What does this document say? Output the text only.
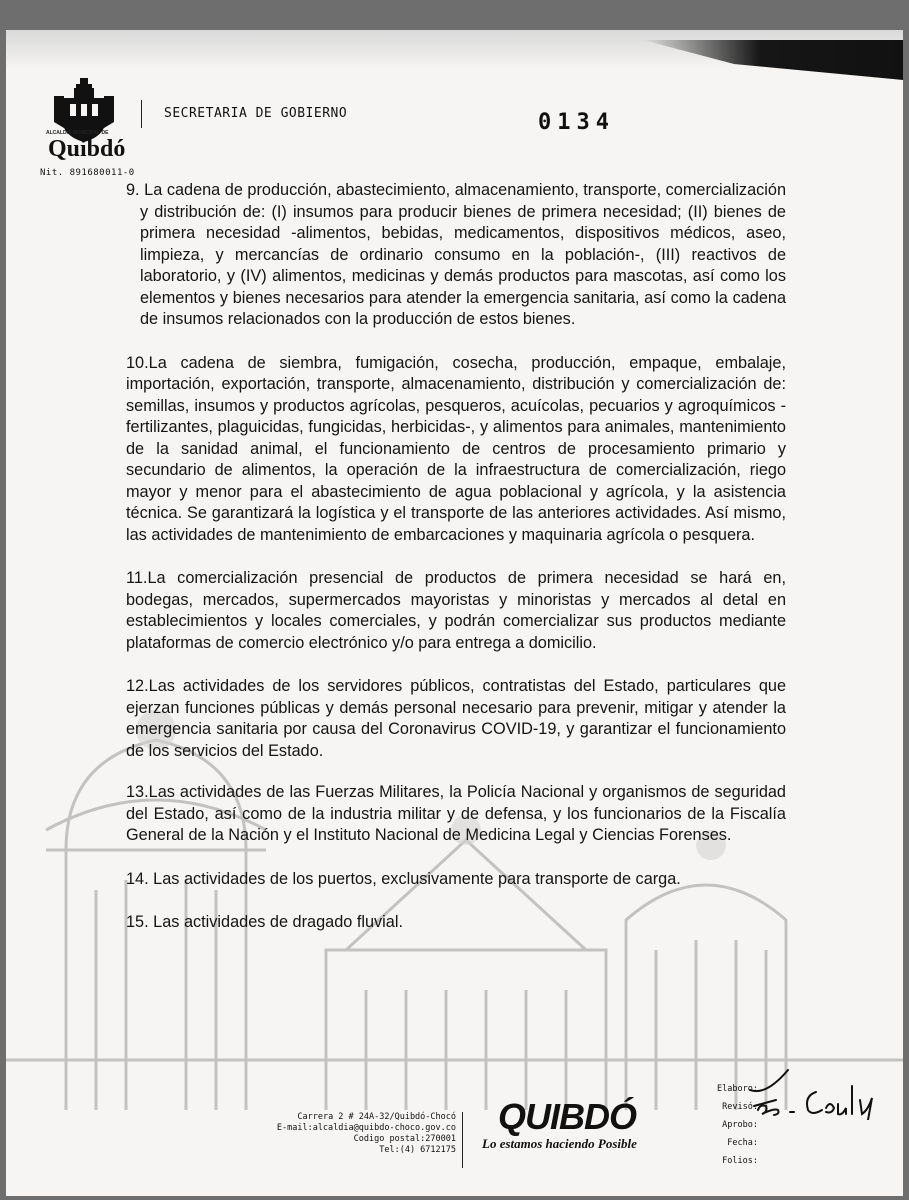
ALCALDÍA MUNICIPAL DE
Quibdó
Nit. 891680011-0
SECRETARIA DE GOBIERNO	0134

9. La cadena de producción, abastecimiento, almacenamiento, transporte, comercialización y distribución de: (I) insumos para producir bienes de primera necesidad; (II) bienes de primera necesidad -alimentos, bebidas, medicamentos, dispositivos médicos, aseo, limpieza, y mercancías de ordinario consumo en la población-, (III) reactivos de laboratorio, y (IV) alimentos, medicinas y demás productos para mascotas, así como los elementos y bienes necesarios para atender la emergencia sanitaria, así como la cadena de insumos relacionados con la producción de estos bienes.

10.La cadena de siembra, fumigación, cosecha, producción, empaque, embalaje, importación, exportación, transporte, almacenamiento, distribución y comercialización de: semillas, insumos y productos agrícolas, pesqueros, acuícolas, pecuarios y agroquímicos -fertilizantes, plaguicidas, fungicidas, herbicidas-, y alimentos para animales, mantenimiento de la sanidad animal, el funcionamiento de centros de procesamiento primario y secundario de alimentos, la operación de la infraestructura de comercialización, riego mayor y menor para el abastecimiento de agua poblacional y agrícola, y la asistencia técnica. Se garantizará la logística y el transporte de las anteriores actividades. Así mismo, las actividades de mantenimiento de embarcaciones y maquinaria agrícola o pesquera.

11.La comercialización presencial de productos de primera necesidad se hará en, bodegas, mercados, supermercados mayoristas y minoristas y mercados al detal en establecimientos y locales comerciales, y podrán comercializar sus productos mediante plataformas de comercio electrónico y/o para entrega a domicilio.

12.Las actividades de los servidores públicos, contratistas del Estado, particulares que ejerzan funciones públicas y demás personal necesario para prevenir, mitigar y atender la emergencia sanitaria por causa del Coronavirus COVID-19, y garantizar el funcionamiento de los servicios del Estado.

13.Las actividades de las Fuerzas Militares, la Policía Nacional y organismos de seguridad del Estado, así como de la industria militar y de defensa, y los funcionarios de la Fiscalía General de la Nación y el Instituto Nacional de Medicina Legal y Ciencias Forenses.

14. Las actividades de los puertos, exclusivamente para transporte de carga.

15. Las actividades de dragado fluvial.

Carrera 2 # 24A-32/Quibdó-Chocó
E-mail:alcaldia@quibdo-choco.gov.co
Codigo postal:270001
Tel:(4) 6712175
QUIBDÓ
Lo estamos haciendo Posible
Elaboro:
Revisó:
Aprobo:
Fecha:
Folios:
